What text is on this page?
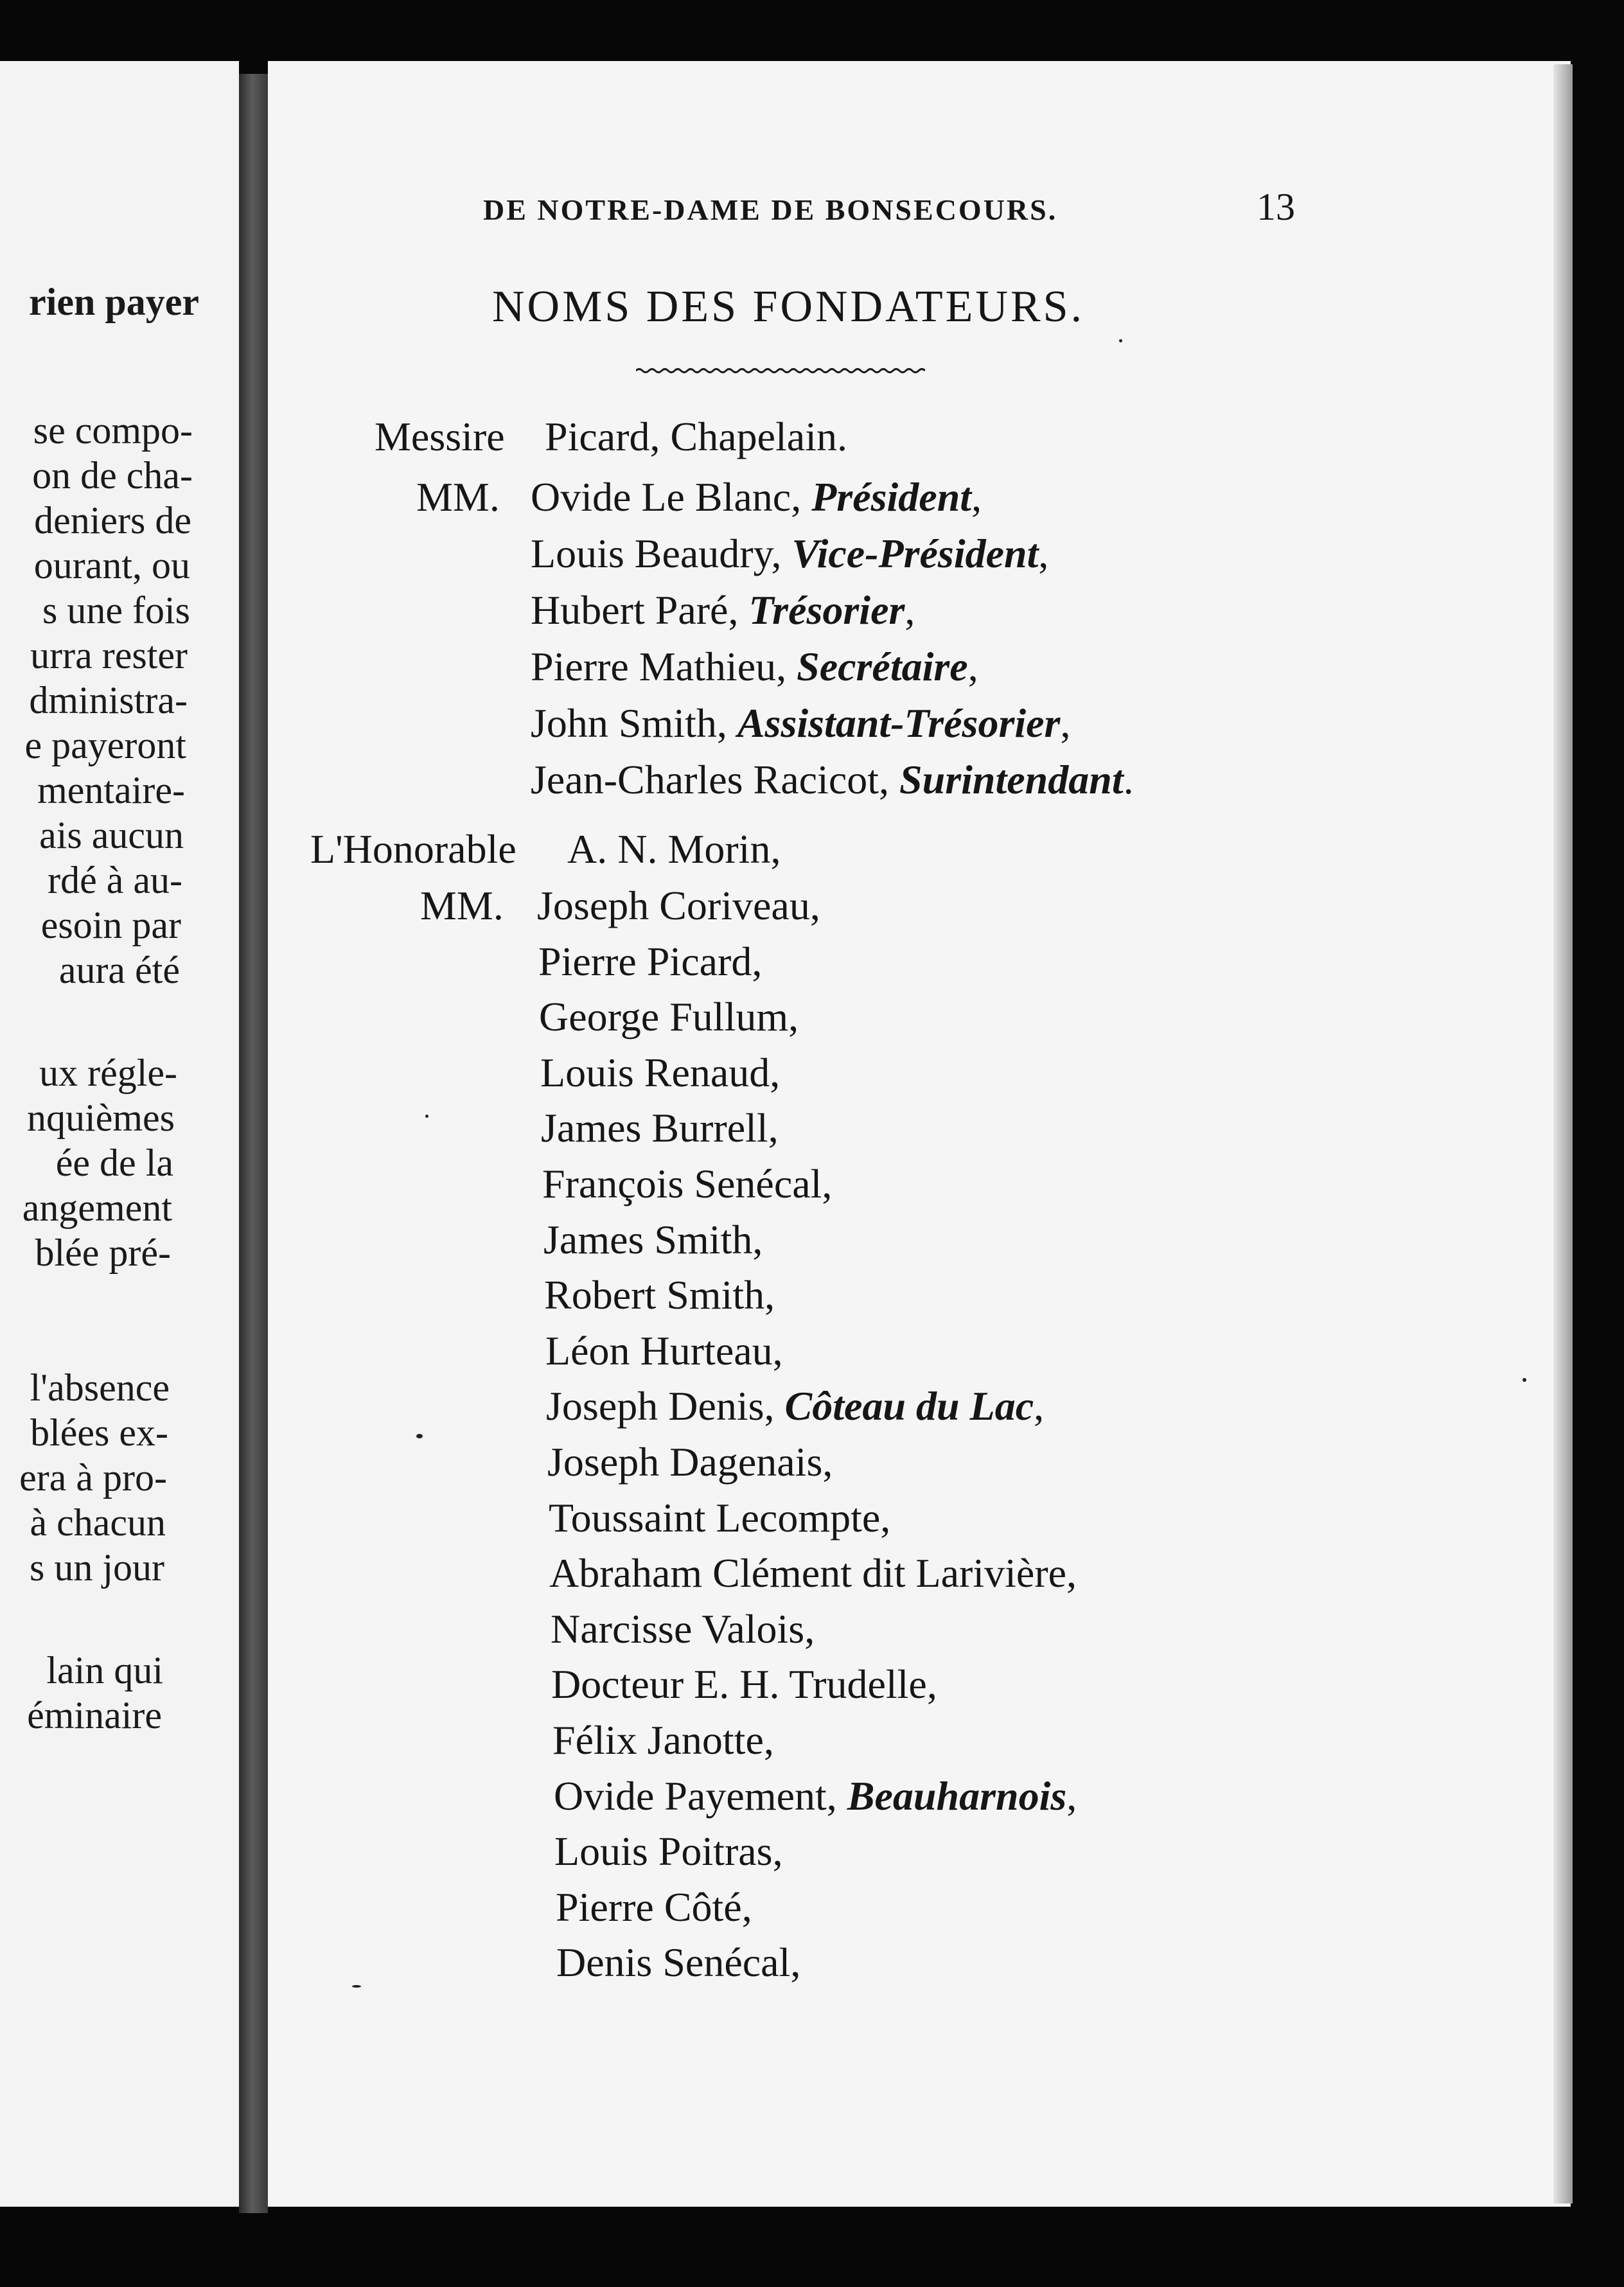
rien payer
se compo-
on de cha-
deniers de
ourant, ou
s une fois
urra rester
dministra-
e payeront
mentaire-
ais aucun
rdé à au-
esoin par
aura été
ux régle-
nquièmes
ée de la
angement
blée pré-
l'absence
blées ex-
era à pro-
à chacun
s un jour
lain qui
éminaire
DE NOTRE-DAME DE BONSECOURS.	13
NOMS DES FONDATEURS.
Messire Picard, Chapelain.
MM. Ovide Le Blanc, Président,
Louis Beaudry, Vice-Président,
Hubert Paré, Trésorier,
Pierre Mathieu, Secrétaire,
John Smith, Assistant-Trésorier,
Jean-Charles Racicot, Surintendant.
L'Honorable A. N. Morin,
MM. Joseph Coriveau,
Pierre Picard,
George Fullum,
Louis Renaud,
James Burrell,
François Senécal,
James Smith,
Robert Smith,
Léon Hurteau,
Joseph Denis, Côteau du Lac,
Joseph Dagenais,
Toussaint Lecompte,
Abraham Clément dit Larivière,
Narcisse Valois,
Docteur E. H. Trudelle,
Félix Janotte,
Ovide Payement, Beauharnois,
Louis Poitras,
Pierre Côté,
Denis Senécal,
